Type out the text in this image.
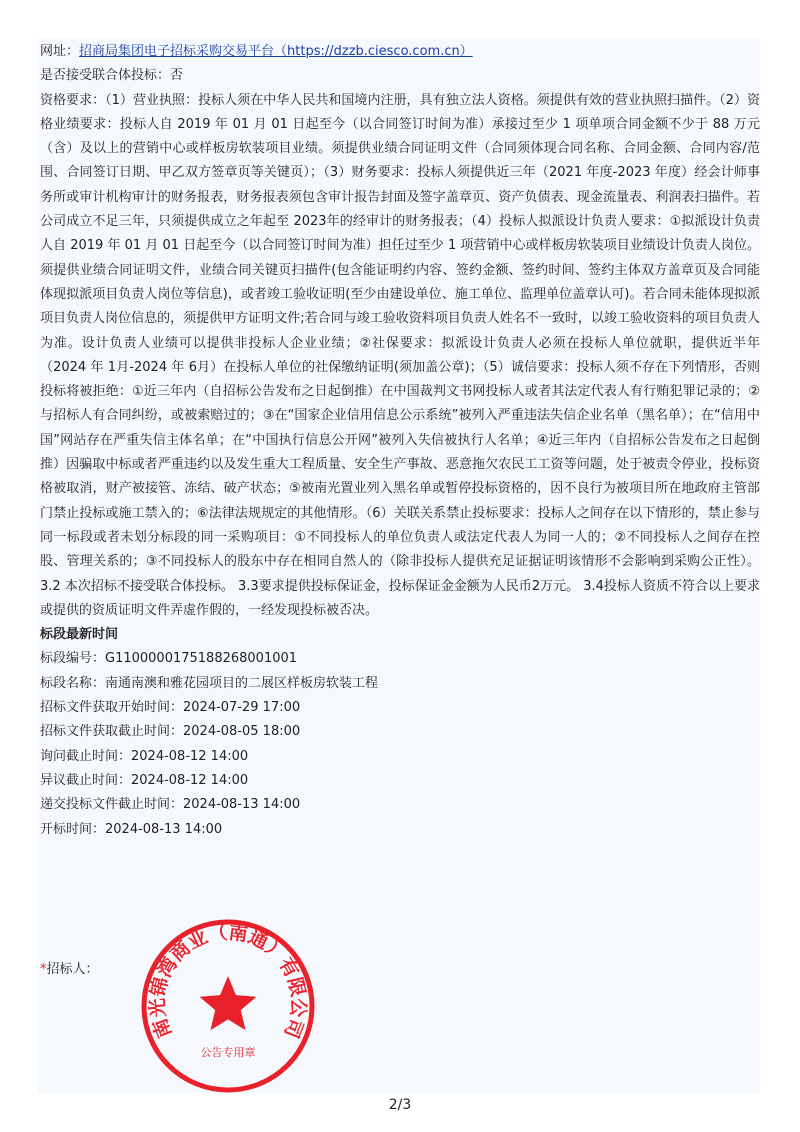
网址：招商局集团电子招标采购交易平台（https://dzzb.ciesco.com.cn）
是否接受联合体投标：否
资格要求：（1）营业执照：投标人须在中华人民共和国境内注册，具有独立法人资格。须提供有效的营业执照扫描件。（2）资格业绩要求：投标人自 2019 年 01 月 01 日起至今（以合同签订时间为准）承接过至少 1 项单项合同金额不少于 88 万元（含）及以上的营销中心或样板房软装项目业绩。须提供业绩合同证明文件（合同须体现合同名称、合同金额、合同内容/范围、合同签订日期、甲乙双方签章页等关键页）；（3）财务要求：投标人须提供近三年（2021 年度-2023 年度）经会计师事务所或审计机构审计的财务报表，财务报表须包含审计报告封面及签字盖章页、资产负债表、现金流量表、利润表扫描件。若公司成立不足三年，只须提供成立之年起至 2023年的经审计的财务报表；（4）投标人拟派设计负责人要求：①拟派设计负责人自 2019 年 01 月 01 日起至今（以合同签订时间为准）担任过至少 1 项营销中心或样板房软装项目业绩设计负责人岗位。须提供业绩合同证明文件，业绩合同关键页扫描件(包含能证明约内容、签约金额、签约时间、签约主体双方盖章页及合同能体现拟派项目负责人岗位等信息)，或者竣工验收证明(至少由建设单位、施工单位、监理单位盖章认可)。若合同未能体现拟派项目负责人岗位信息的，须提供甲方证明文件;若合同与竣工验收资料项目负责人姓名不一致时，以竣工验收资料的项目负责人为准。设计负责人业绩可以提供非投标人企业业绩；②社保要求：拟派设计负责人必须在投标人单位就职，提供近半年（2024 年 1月-2024 年 6月）在投标人单位的社保缴纳证明(须加盖公章)；（5）诚信要求：投标人须不存在下列情形，否则投标将被拒绝：①近三年内（自招标公告发布之日起倒推）在中国裁判文书网投标人或者其法定代表人有行贿犯罪记录的；②与招标人有合同纠纷，或被索赔过的；③在“国家企业信用信息公示系统”被列入严重违法失信企业名单（黑名单）；在“信用中国”网站存在严重失信主体名单；在“中国执行信息公开网”被列入失信被执行人名单；④近三年内（自招标公告发布之日起倒推）因骗取中标或者严重违约以及发生重大工程质量、安全生产事故、恶意拖欠农民工工资等问题，处于被责令停业，投标资格被取消，财产被接管、冻结、破产状态；⑤被南光置业列入黑名单或暂停投标资格的，因不良行为被项目所在地政府主管部门禁止投标或施工禁入的；⑥法律法规规定的其他情形。（6）关联关系禁止投标要求：投标人之间存在以下情形的，禁止参与同一标段或者未划分标段的同一采购项目：①不同投标人的单位负责人或法定代表人为同一人的；②不同投标人之间存在控股、管理关系的；③不同投标人的股东中存在相同自然人的（除非投标人提供充足证据证明该情形不会影响到采购公正性）。 3.2 本次招标不接受联合体投标。 3.3要求提供投标保证金，投标保证金金额为人民币2万元。 3.4投标人资质不符合以上要求或提供的资质证明文件弄虚作假的，一经发现投标被否决。
标段最新时间
标段编号：G1100000175188268001001
标段名称：南通南澳和雅花园项目的二展区样板房软装工程
招标文件获取开始时间：2024-07-29 17:00
招标文件获取截止时间：2024-08-05 18:00
询问截止时间：2024-08-12 14:00
异议截止时间：2024-08-12 14:00
递交投标文件截止时间：2024-08-13 14:00
开标时间：2024-08-13 14:00
*招标人：
南光锦湾商业（南通）有限公司
公告专用章
2/3
